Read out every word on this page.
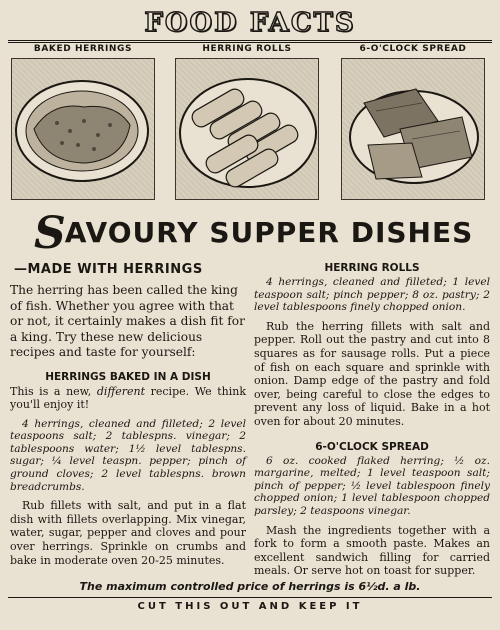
FOOD FACTS
BAKED HERRINGS	HERRING ROLLS	6-O'CLOCK SPREAD
SAVOURY SUPPER DISHES
—MADE WITH HERRINGS

The herring has been called the king of fish. Whether you agree with that or not, it certainly makes a dish fit for a king. Try these new delicious recipes and taste for yourself:

HERRINGS BAKED IN A DISH

This is a new, different recipe. We think you'll enjoy it!

4 herrings, cleaned and filleted; 2 level teaspoons salt; 2 tablespns. vinegar; 2 tablespoons water; 1½ level tablespns. sugar; ¼ level teaspn. pepper; pinch of ground cloves; 2 level tablespns. brown breadcrumbs.

Rub fillets with salt, and put in a flat dish with fillets overlapping. Mix vinegar, water, sugar, pepper and cloves and pour over herrings. Sprinkle on crumbs and bake in moderate oven 20-25 minutes.

HERRING ROLLS

4 herrings, cleaned and filleted; 1 level teaspoon salt; pinch pepper; 8 oz. pastry; 2 level tablespoons finely chopped onion.

Rub the herring fillets with salt and pepper. Roll out the pastry and cut into 8 squares as for sausage rolls. Put a piece of fish on each square and sprinkle with onion. Damp edge of the pastry and fold over, being careful to close the edges to prevent any loss of liquid. Bake in a hot oven for about 20 minutes.

6-O'CLOCK SPREAD

6 oz. cooked flaked herring; ½ oz. margarine, melted; 1 level teaspoon salt; pinch of pepper; ½ level tablespoon finely chopped onion; 1 level tablespoon chopped parsley; 2 teaspoons vinegar.

Mash the ingredients together with a fork to form a smooth paste. Makes an excellent sandwich filling for carried meals. Or serve hot on toast for supper.

The maximum controlled price of herrings is 6½d. a lb.
CUT THIS OUT AND KEEP IT
